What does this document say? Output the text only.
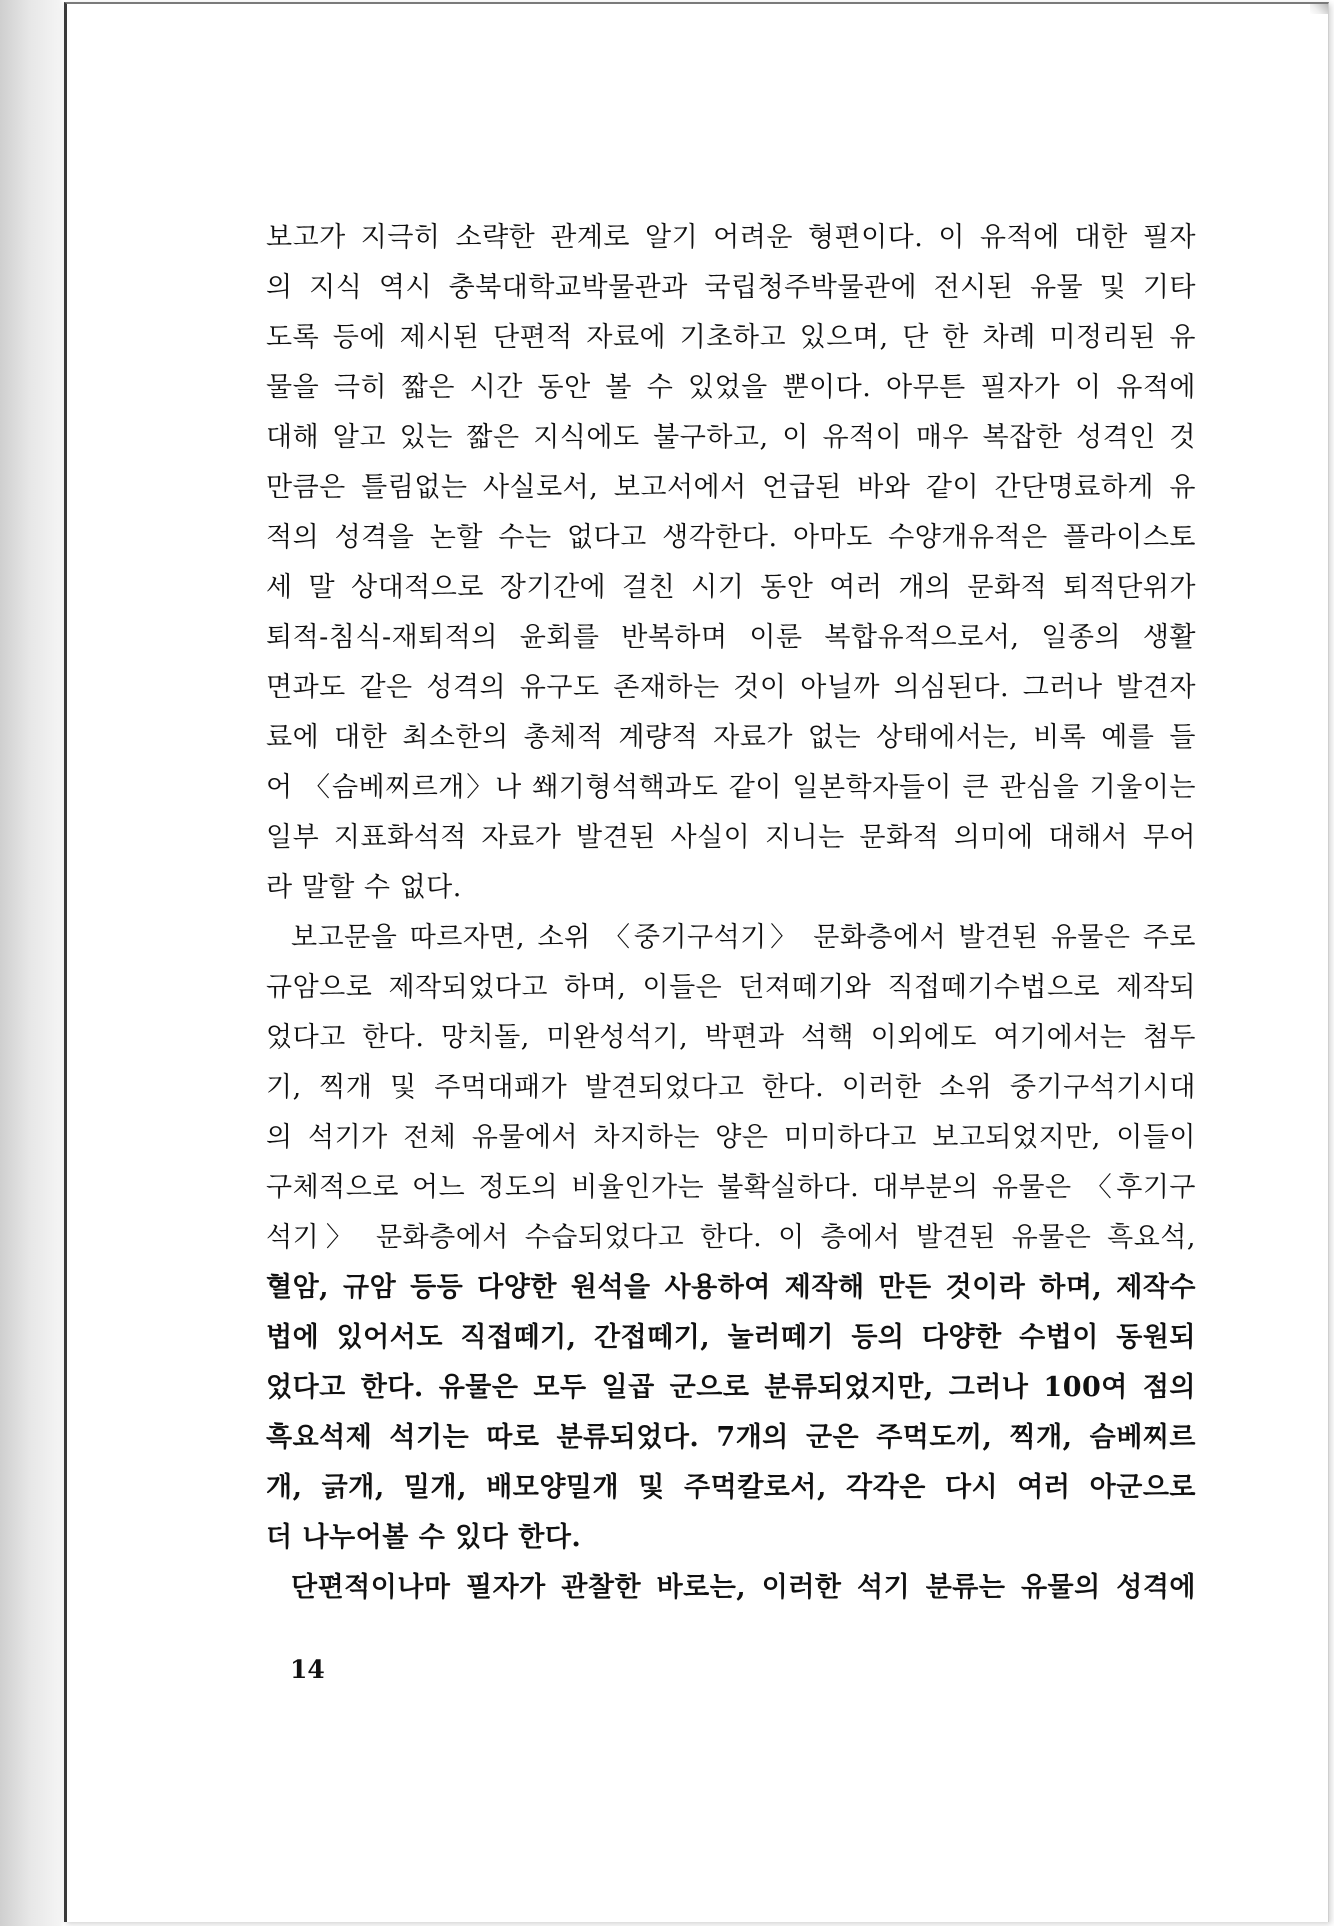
보고가 지극히 소략한 관계로 알기 어려운 형편이다. 이 유적에 대한 필자
의 지식 역시 충북대학교박물관과 국립청주박물관에 전시된 유물 및 기타
도록 등에 제시된 단편적 자료에 기초하고 있으며, 단 한 차례 미정리된 유
물을 극히 짧은 시간 동안 볼 수 있었을 뿐이다. 아무튼 필자가 이 유적에
대해 알고 있는 짧은 지식에도 불구하고, 이 유적이 매우 복잡한 성격인 것
만큼은 틀림없는 사실로서, 보고서에서 언급된 바와 같이 간단명료하게 유
적의 성격을 논할 수는 없다고 생각한다. 아마도 수양개유적은 플라이스토
세 말 상대적으로 장기간에 걸친 시기 동안 여러 개의 문화적 퇴적단위가
퇴적-침식-재퇴적의 윤회를 반복하며 이룬 복합유적으로서, 일종의 생활
면과도 같은 성격의 유구도 존재하는 것이 아닐까 의심된다. 그러나 발견자
료에 대한 최소한의 총체적 계량적 자료가 없는 상태에서는, 비록 예를 들
어 〈슴베찌르개〉나 쐐기형석핵과도 같이 일본학자들이 큰 관심을 기울이는
일부 지표화석적 자료가 발견된 사실이 지니는 문화적 의미에 대해서 무어
라 말할 수 없다.
보고문을 따르자면, 소위 〈중기구석기〉 문화층에서 발견된 유물은 주로
규암으로 제작되었다고 하며, 이들은 던져떼기와 직접떼기수법으로 제작되
었다고 한다. 망치돌, 미완성석기, 박편과 석핵 이외에도 여기에서는 첨두
기, 찍개 및 주먹대패가 발견되었다고 한다. 이러한 소위 중기구석기시대
의 석기가 전체 유물에서 차지하는 양은 미미하다고 보고되었지만, 이들이
구체적으로 어느 정도의 비율인가는 불확실하다. 대부분의 유물은 〈후기구
석기〉 문화층에서 수습되었다고 한다. 이 층에서 발견된 유물은 흑요석,
혈암, 규암 등등 다양한 원석을 사용하여 제작해 만든 것이라 하며, 제작수
법에 있어서도 직접떼기, 간접떼기, 눌러떼기 등의 다양한 수법이 동원되
었다고 한다. 유물은 모두 일곱 군으로 분류되었지만, 그러나 100여 점의
흑요석제 석기는 따로 분류되었다. 7개의 군은 주먹도끼, 찍개, 슴베찌르
개, 긁개, 밀개, 배모양밀개 및 주먹칼로서, 각각은 다시 여러 아군으로
더 나누어볼 수 있다 한다.
단편적이나마 필자가 관찰한 바로는, 이러한 석기 분류는 유물의 성격에
14
